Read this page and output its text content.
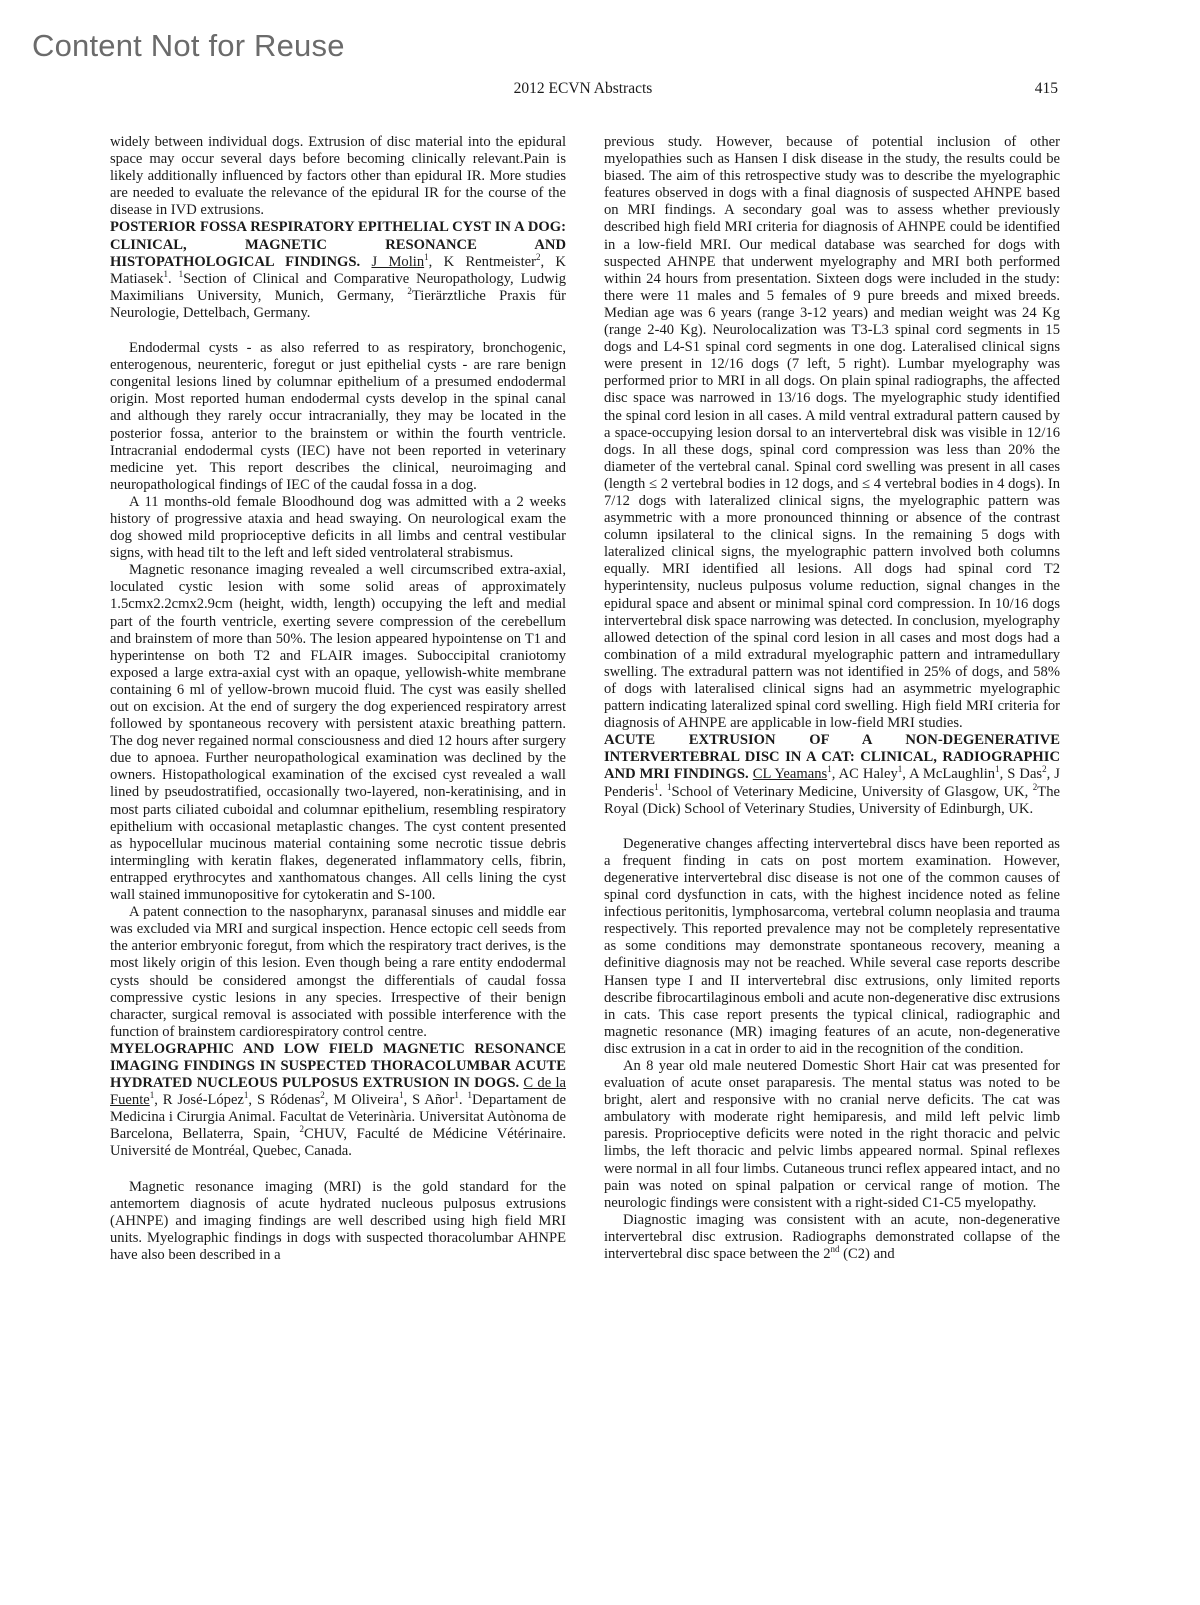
Content Not for Reuse
2012 ECVN Abstracts	415

widely between individual dogs. Extrusion of disc material into the epidural space may occur several days before becoming clinically relevant.Pain is likely additionally influenced by factors other than epidural IR. More studies are needed to evaluate the relevance of the epidural IR for the course of the disease in IVD extrusions.

POSTERIOR FOSSA RESPIRATORY EPITHELIAL CYST IN A DOG: CLINICAL, MAGNETIC RESONANCE AND HISTOPATHOLOGICAL FINDINGS. J Molin$^1$, K Rentmeister$^2$, K Matiasek$^1$. $^1$Section of Clinical and Comparative Neuropathology, Ludwig Maximilians University, Munich, Germany, $^2$Tierärztliche Praxis für Neurologie, Dettelbach, Germany.

Endodermal cysts - as also referred to as respiratory, bronchogenic, enterogenous, neurenteric, foregut or just epithelial cysts - are rare benign congenital lesions lined by columnar epithelium of a presumed endodermal origin. Most reported human endodermal cysts develop in the spinal canal and although they rarely occur intracranially, they may be located in the posterior fossa, anterior to the brainstem or within the fourth ventricle. Intracranial endodermal cysts (IEC) have not been reported in veterinary medicine yet. This report describes the clinical, neuroimaging and neuropathological findings of IEC of the caudal fossa in a dog.

A 11 months-old female Bloodhound dog was admitted with a 2 weeks history of progressive ataxia and head swaying. On neurological exam the dog showed mild proprioceptive deficits in all limbs and central vestibular signs, with head tilt to the left and left sided ventrolateral strabismus.

Magnetic resonance imaging revealed a well circumscribed extra-axial, loculated cystic lesion with some solid areas of approximately 1.5cmx2.2cmx2.9cm (height, width, length) occupying the left and medial part of the fourth ventricle, exerting severe compression of the cerebellum and brainstem of more than 50%. The lesion appeared hypointense on T1 and hyperintense on both T2 and FLAIR images. Suboccipital craniotomy exposed a large extra-axial cyst with an opaque, yellowish-white membrane containing 6 ml of yellow-brown mucoid fluid. The cyst was easily shelled out on excision. At the end of surgery the dog experienced respiratory arrest followed by spontaneous recovery with persistent ataxic breathing pattern. The dog never regained normal consciousness and died 12 hours after surgery due to apnoea. Further neuropathological examination was declined by the owners. Histopathological examination of the excised cyst revealed a wall lined by pseudostratified, occasionally two-layered, non-keratinising, and in most parts ciliated cuboidal and columnar epithelium, resembling respiratory epithelium with occasional metaplastic changes. The cyst content presented as hypocellular mucinous material containing some necrotic tissue debris intermingling with keratin flakes, degenerated inflammatory cells, fibrin, entrapped erythrocytes and xanthomatous changes. All cells lining the cyst wall stained immunopositive for cytokeratin and S-100.

A patent connection to the nasopharynx, paranasal sinuses and middle ear was excluded via MRI and surgical inspection. Hence ectopic cell seeds from the anterior embryonic foregut, from which the respiratory tract derives, is the most likely origin of this lesion. Even though being a rare entity endodermal cysts should be considered amongst the differentials of caudal fossa compressive cystic lesions in any species. Irrespective of their benign character, surgical removal is associated with possible interference with the function of brainstem cardiorespiratory control centre.

MYELOGRAPHIC AND LOW FIELD MAGNETIC RESONANCE IMAGING FINDINGS IN SUSPECTED THORACOLUMBAR ACUTE HYDRATED NUCLEOUS PULPOSUS EXTRUSION IN DOGS. C de la Fuente$^1$, R José-López$^1$, S Ródenas$^2$, M Oliveira$^1$, S Añor$^1$. $^1$Departament de Medicina i Cirurgia Animal. Facultat de Veterinària. Universitat Autònoma de Barcelona, Bellaterra, Spain, $^2$CHUV, Faculté de Médicine Vétérinaire. Université de Montréal, Quebec, Canada.

Magnetic resonance imaging (MRI) is the gold standard for the antemortem diagnosis of acute hydrated nucleous pulposus extrusions (AHNPE) and imaging findings are well described using high field MRI units. Myelographic findings in dogs with suspected thoracolumbar AHNPE have also been described in a

previous study. However, because of potential inclusion of other myelopathies such as Hansen I disk disease in the study, the results could be biased. The aim of this retrospective study was to describe the myelographic features observed in dogs with a final diagnosis of suspected AHNPE based on MRI findings. A secondary goal was to assess whether previously described high field MRI criteria for diagnosis of AHNPE could be identified in a low-field MRI. Our medical database was searched for dogs with suspected AHNPE that underwent myelography and MRI both performed within 24 hours from presentation. Sixteen dogs were included in the study: there were 11 males and 5 females of 9 pure breeds and mixed breeds. Median age was 6 years (range 3-12 years) and median weight was 24 Kg (range 2-40 Kg). Neurolocalization was T3-L3 spinal cord segments in 15 dogs and L4-S1 spinal cord segments in one dog. Lateralised clinical signs were present in 12/16 dogs (7 left, 5 right). Lumbar myelography was performed prior to MRI in all dogs. On plain spinal radiographs, the affected disc space was narrowed in 13/16 dogs. The myelographic study identified the spinal cord lesion in all cases. A mild ventral extradural pattern caused by a space-occupying lesion dorsal to an intervertebral disk was visible in 12/16 dogs. In all these dogs, spinal cord compression was less than 20% the diameter of the vertebral canal. Spinal cord swelling was present in all cases (length ≤ 2 vertebral bodies in 12 dogs, and ≤ 4 vertebral bodies in 4 dogs). In 7/12 dogs with lateralized clinical signs, the myelographic pattern was asymmetric with a more pronounced thinning or absence of the contrast column ipsilateral to the clinical signs. In the remaining 5 dogs with lateralized clinical signs, the myelographic pattern involved both columns equally. MRI identified all lesions. All dogs had spinal cord T2 hyperintensity, nucleus pulposus volume reduction, signal changes in the epidural space and absent or minimal spinal cord compression. In 10/16 dogs intervertebral disk space narrowing was detected. In conclusion, myelography allowed detection of the spinal cord lesion in all cases and most dogs had a combination of a mild extradural myelographic pattern and intramedullary swelling. The extradural pattern was not identified in 25% of dogs, and 58% of dogs with lateralised clinical signs had an asymmetric myelographic pattern indicating lateralized spinal cord swelling. High field MRI criteria for diagnosis of AHNPE are applicable in low-field MRI studies.

ACUTE EXTRUSION OF A NON-DEGENERATIVE INTERVERTEBRAL DISC IN A CAT: CLINICAL, RADIOGRAPHIC AND MRI FINDINGS. CL Yeamans$^1$, AC Haley$^1$, A McLaughlin$^1$, S Das$^2$, J Penderis$^1$. $^1$School of Veterinary Medicine, University of Glasgow, UK, $^2$The Royal (Dick) School of Veterinary Studies, University of Edinburgh, UK.

Degenerative changes affecting intervertebral discs have been reported as a frequent finding in cats on post mortem examination. However, degenerative intervertebral disc disease is not one of the common causes of spinal cord dysfunction in cats, with the highest incidence noted as feline infectious peritonitis, lymphosarcoma, vertebral column neoplasia and trauma respectively. This reported prevalence may not be completely representative as some conditions may demonstrate spontaneous recovery, meaning a definitive diagnosis may not be reached. While several case reports describe Hansen type I and II intervertebral disc extrusions, only limited reports describe fibrocartilaginous emboli and acute non-degenerative disc extrusions in cats. This case report presents the typical clinical, radiographic and magnetic resonance (MR) imaging features of an acute, non-degenerative disc extrusion in a cat in order to aid in the recognition of the condition.

An 8 year old male neutered Domestic Short Hair cat was presented for evaluation of acute onset paraparesis. The mental status was noted to be bright, alert and responsive with no cranial nerve deficits. The cat was ambulatory with moderate right hemiparesis, and mild left pelvic limb paresis. Proprioceptive deficits were noted in the right thoracic and pelvic limbs, the left thoracic and pelvic limbs appeared normal. Spinal reflexes were normal in all four limbs. Cutaneous trunci reflex appeared intact, and no pain was noted on spinal palpation or cervical range of motion. The neurologic findings were consistent with a right-sided C1-C5 myelopathy.

Diagnostic imaging was consistent with an acute, non-degenerative intervertebral disc extrusion. Radiographs demonstrated collapse of the intervertebral disc space between the 2nd (C2) and
